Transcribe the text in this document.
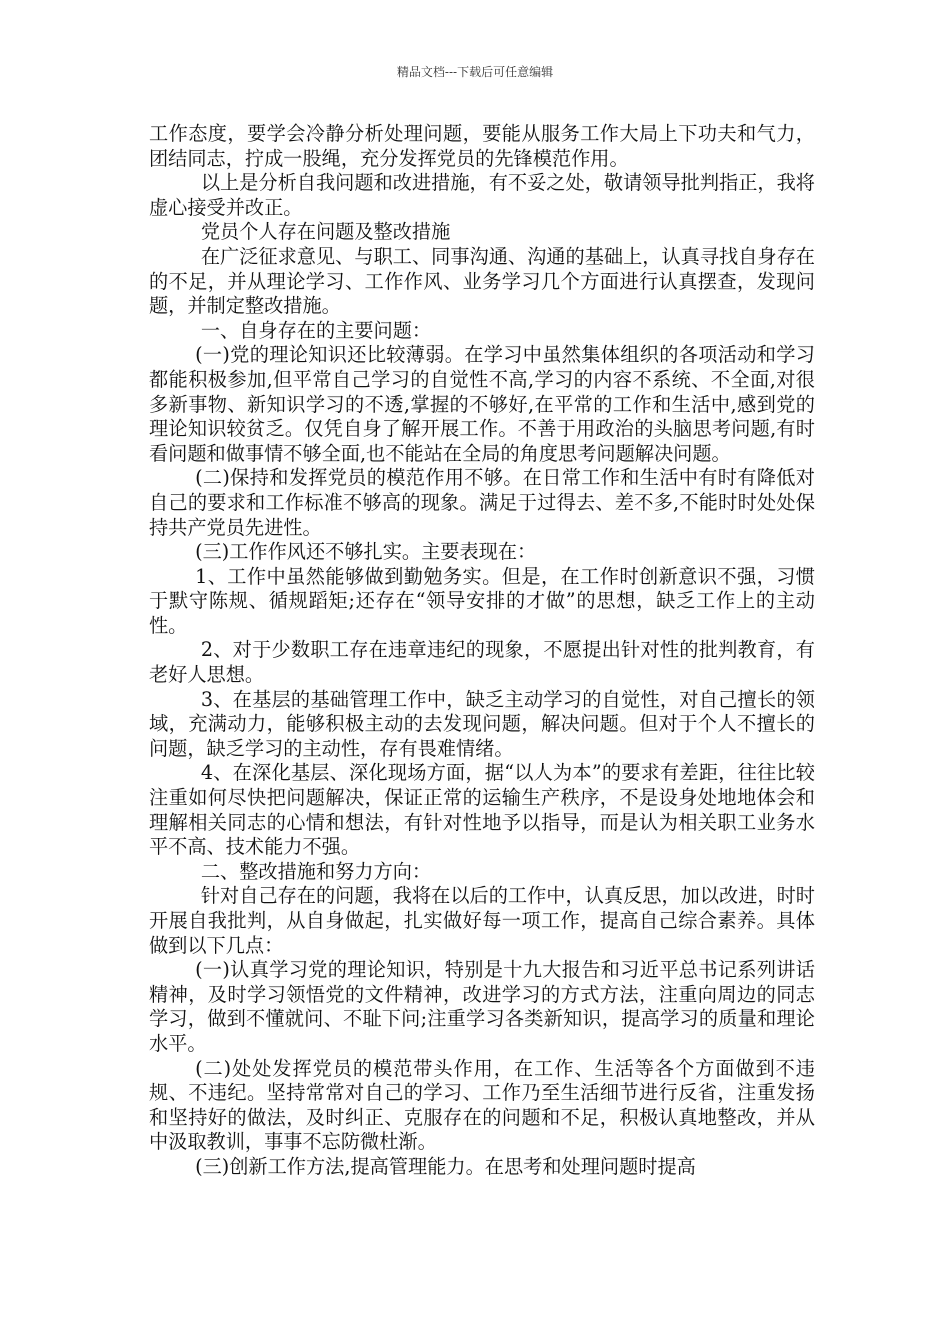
精品文档---下载后可任意编辑

工作态度，要学会冷静分析处理问题，要能从服务工作大局上下功夫和气力，团结同志，拧成一股绳，充分发挥党员的先锋模范作用。

以上是分析自我问题和改进措施，有不妥之处，敬请领导批判指正，我将虚心接受并改正。

党员个人存在问题及整改措施

在广泛征求意见、与职工、同事沟通、沟通的基础上，认真寻找自身存在的不足，并从理论学习、工作作风、业务学习几个方面进行认真摆查，发现问题，并制定整改措施。

一、自身存在的主要问题：

(一)党的理论知识还比较薄弱。在学习中虽然集体组织的各项活动和学习都能积极参加,但平常自己学习的自觉性不高,学习的内容不系统、不全面,对很多新事物、新知识学习的不透,掌握的不够好,在平常的工作和生活中,感到党的理论知识较贫乏。仅凭自身了解开展工作。不善于用政治的头脑思考问题,有时看问题和做事情不够全面,也不能站在全局的角度思考问题解决问题。

(二)保持和发挥党员的模范作用不够。在日常工作和生活中有时有降低对自己的要求和工作标准不够高的现象。满足于过得去、差不多,不能时时处处保持共产党员先进性。

(三)工作作风还不够扎实。主要表现在：

1、工作中虽然能够做到勤勉务实。但是，在工作时创新意识不强，习惯于默守陈规、循规蹈矩;还存在“领导安排的才做”的思想，缺乏工作上的主动性。

2、对于少数职工存在违章违纪的现象，不愿提出针对性的批判教育，有老好人思想。

3、在基层的基础管理工作中，缺乏主动学习的自觉性，对自己擅长的领域，充满动力，能够积极主动的去发现问题，解决问题。但对于个人不擅长的问题，缺乏学习的主动性，存有畏难情绪。

4、在深化基层、深化现场方面，据“以人为本”的要求有差距，往往比较注重如何尽快把问题解决，保证正常的运输生产秩序，不是设身处地地体会和理解相关同志的心情和想法，有针对性地予以指导，而是认为相关职工业务水平不高、技术能力不强。

二、整改措施和努力方向：

针对自己存在的问题，我将在以后的工作中，认真反思，加以改进，时时开展自我批判，从自身做起，扎实做好每一项工作，提高自己综合素养。具体做到以下几点：

(一)认真学习党的理论知识，特别是十九大报告和习近平总书记系列讲话精神，及时学习领悟党的文件精神，改进学习的方式方法，注重向周边的同志学习，做到不懂就问、不耻下问;注重学习各类新知识，提高学习的质量和理论水平。

(二)处处发挥党员的模范带头作用，在工作、生活等各个方面做到不违规、不违纪。坚持常常对自己的学习、工作乃至生活细节进行反省，注重发扬和坚持好的做法，及时纠正、克服存在的问题和不足，积极认真地整改，并从中汲取教训，事事不忘防微杜渐。

(三)创新工作方法,提高管理能力。在思考和处理问题时提高
